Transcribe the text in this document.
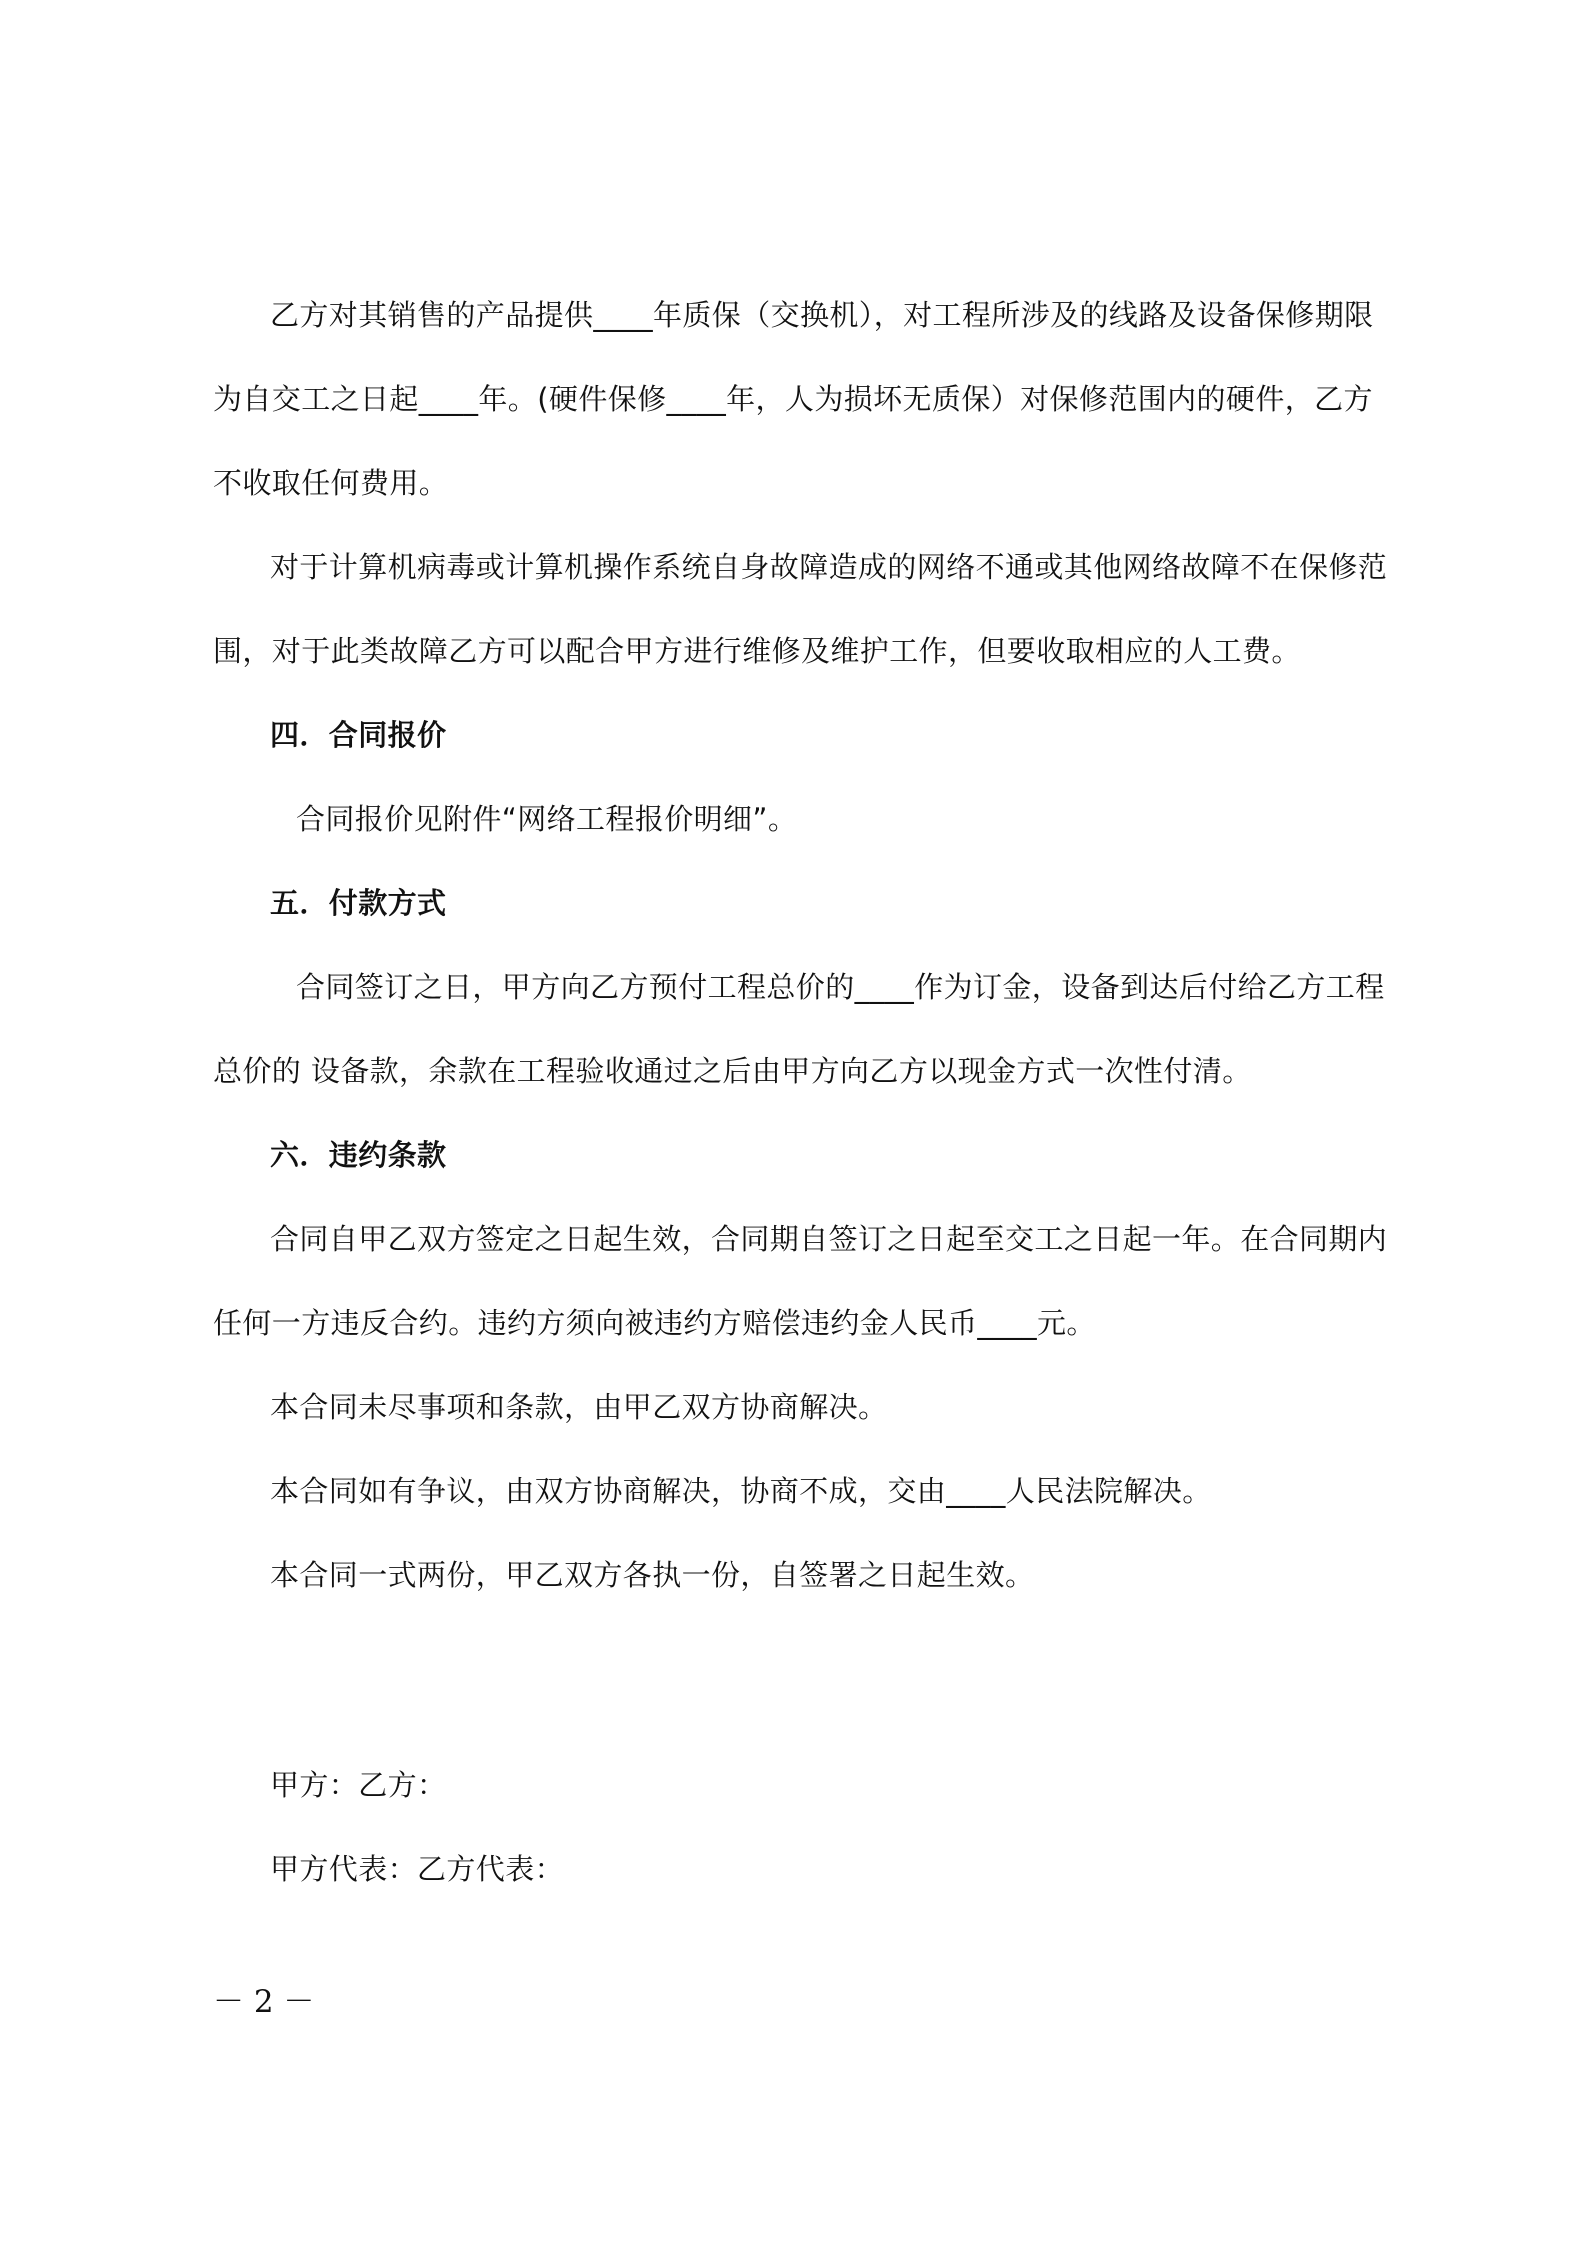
乙方对其销售的产品提供____年质保（交换机），对工程所涉及的线路及设备保修期限
为自交工之日起____年。(硬件保修____年，人为损坏无质保）对保修范围内的硬件，乙方
不收取任何费用。
对于计算机病毒或计算机操作系统自身故障造成的网络不通或其他网络故障不在保修范
围，对于此类故障乙方可以配合甲方进行维修及维护工作，但要收取相应的人工费。
四．合同报价
合同报价见附件“网络工程报价明细”。
五．付款方式
合同签订之日，甲方向乙方预付工程总价的____作为订金，设备到达后付给乙方工程
总价的 设备款，余款在工程验收通过之后由甲方向乙方以现金方式一次性付清。
六．违约条款
合同自甲乙双方签定之日起生效，合同期自签订之日起至交工之日起一年。在合同期内
任何一方违反合约。违约方须向被违约方赔偿违约金人民币____元。
本合同未尽事项和条款，由甲乙双方协商解决。
本合同如有争议，由双方协商解决，协商不成，交由____人民法院解决。
本合同一式两份，甲乙双方各执一份，自签署之日起生效。
甲方：乙方：
甲方代表：乙方代表：
－ 2 －
